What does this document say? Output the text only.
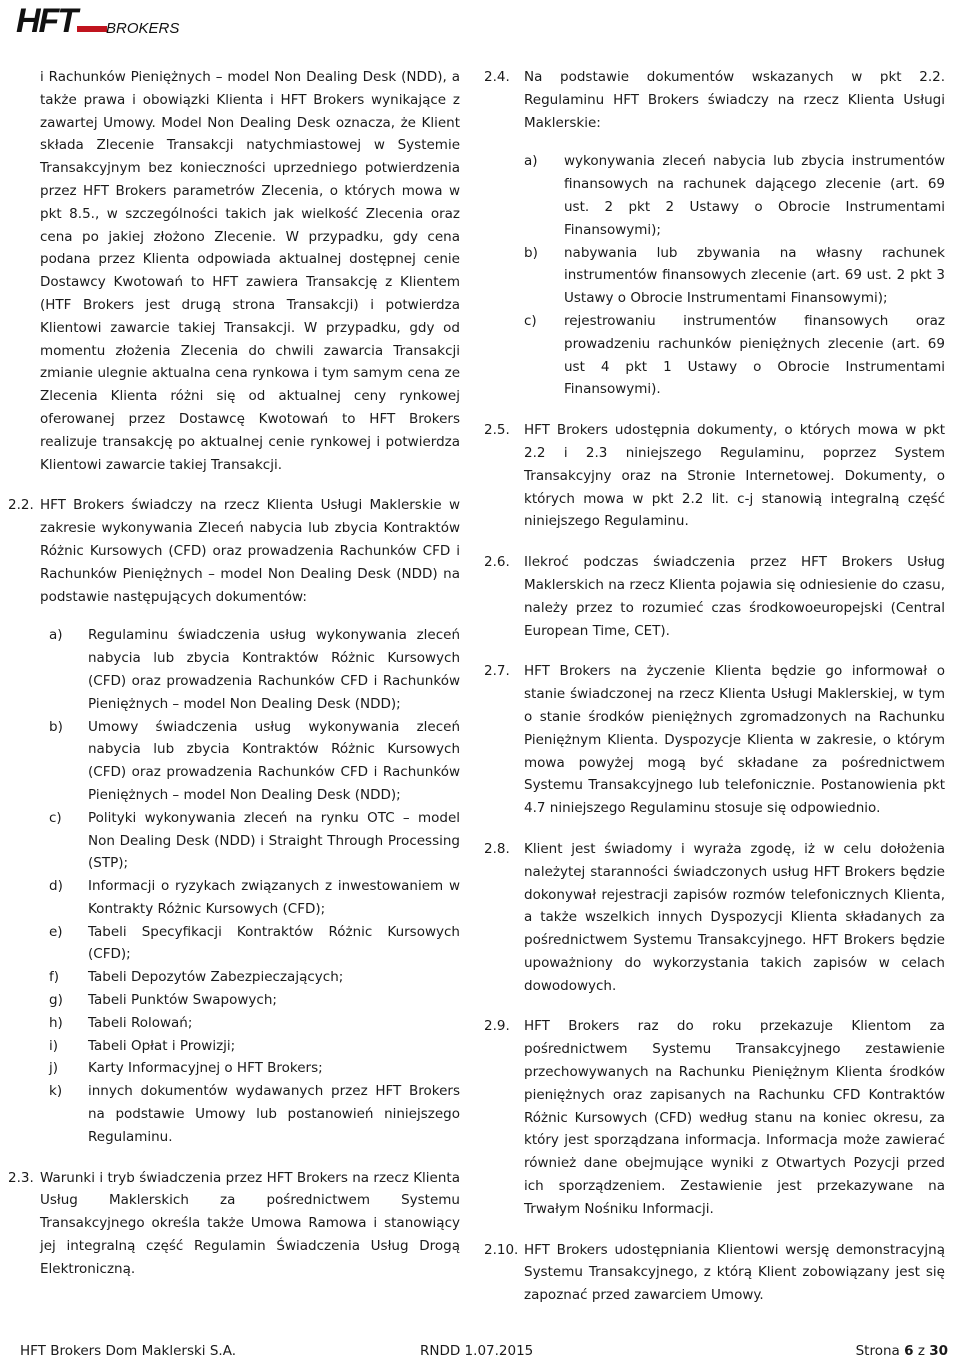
HFT	BROKERS
i Rachunków Pieniężnych – model Non Dealing Desk (NDD), a także prawa i obowiązki Klienta i HFT Brokers wynikające z zawartej Umowy. Model Non Dealing Desk oznacza, że Klient składa Zlecenie Transakcji natychmiastowej w Systemie Transakcyjnym bez konieczności uprzedniego potwierdzenia przez HFT Brokers parametrów Zlecenia, o których mowa w pkt 8.5., w szczególności takich jak wielkość Zlecenia oraz cena po jakiej złożono Zlecenie. W przypadku, gdy cena podana przez Klienta odpowiada aktualnej dostępnej cenie Dostawcy Kwotowań to HFT zawiera Transakcję z Klientem (HTF Brokers jest drugą strona Transakcji) i potwierdza Klientowi zawarcie takiej Transakcji. W przypadku, gdy od momentu złożenia Zlecenia do chwili zawarcia Transakcji zmianie ulegnie aktualna cena rynkowa i tym samym cena ze Zlecenia Klienta różni się od aktualnej ceny rynkowej oferowanej przez Dostawcę Kwotowań to HFT Brokers realizuje transakcję po aktualnej cenie rynkowej i potwierdza Klientowi zawarcie takiej Transakcji.
2.2. HFT Brokers świadczy na rzecz Klienta Usługi Maklerskie w zakresie wykonywania Zleceń nabycia lub zbycia Kontraktów Różnic Kursowych (CFD) oraz prowadzenia Rachunków CFD i Rachunków Pieniężnych – model Non Dealing Desk (NDD) na podstawie następujących dokumentów:
a)	Regulaminu świadczenia usług wykonywania zleceń nabycia lub zbycia Kontraktów Różnic Kursowych (CFD) oraz prowadzenia Rachunków CFD i Rachunków Pieniężnych – model Non Dealing Desk (NDD);
b)	Umowy świadczenia usług wykonywania zleceń nabycia lub zbycia Kontraktów Różnic Kursowych (CFD) oraz prowadzenia Rachunków CFD i Rachunków Pieniężnych – model Non Dealing Desk (NDD);
c)	Polityki wykonywania zleceń na rynku OTC – model Non Dealing Desk (NDD) i Straight Through Processing (STP);
d)	Informacji o ryzykach związanych z inwestowaniem w Kontrakty Różnic Kursowych (CFD);
e)	Tabeli Specyfikacji Kontraktów Różnic Kursowych (CFD);
f)	Tabeli Depozytów Zabezpieczających;
g)	Tabeli Punktów Swapowych;
h)	Tabeli Rolowań;
i)	Tabeli Opłat i Prowizji;
j)	Karty Informacyjnej o HFT Brokers;
k)	innych dokumentów wydawanych przez HFT Brokers na podstawie Umowy lub postanowień niniejszego Regulaminu.
2.3. Warunki i tryb świadczenia przez HFT Brokers na rzecz Klienta Usług Maklerskich za pośrednictwem Systemu Transakcyjnego określa także Umowa Ramowa i stanowiący jej integralną część Regulamin Świadczenia Usług Drogą Elektroniczną.
2.4.	Na podstawie dokumentów wskazanych w pkt 2.2. Regulaminu HFT Brokers świadczy na rzecz Klienta Usługi Maklerskie:
a)	wykonywania zleceń nabycia lub zbycia instrumentów finansowych na rachunek dającego zlecenie (art. 69 ust. 2 pkt 2 Ustawy o Obrocie Instrumentami Finansowymi);
b)	nabywania lub zbywania na własny rachunek instrumentów finansowych zlecenie (art. 69 ust. 2 pkt 3 Ustawy o Obrocie Instrumentami Finansowymi);
c)	rejestrowaniu instrumentów finansowych oraz prowadzeniu rachunków pieniężnych zlecenie (art. 69 ust 4 pkt 1 Ustawy o Obrocie Instrumentami Finansowymi).
2.5.	HFT Brokers udostępnia dokumenty, o których mowa w pkt 2.2 i 2.3 niniejszego Regulaminu, poprzez System Transakcyjny oraz na Stronie Internetowej. Dokumenty, o których mowa w pkt 2.2 lit. c-j stanowią integralną część niniejszego Regulaminu.
2.6.	Ilekroć podczas świadczenia przez HFT Brokers Usług Maklerskich na rzecz Klienta pojawia się odniesienie do czasu, należy przez to rozumieć czas środkowoeuropejski (Central European Time, CET).
2.7.	HFT Brokers na życzenie Klienta będzie go informował o stanie świadczonej na rzecz Klienta Usługi Maklerskiej, w tym o stanie środków pieniężnych zgromadzonych na Rachunku Pieniężnym Klienta. Dyspozycje Klienta w zakresie, o którym mowa powyżej mogą być składane za pośrednictwem Systemu Transakcyjnego lub telefonicznie. Postanowienia pkt 4.7 niniejszego Regulaminu stosuje się odpowiednio.
2.8.	Klient jest świadomy i wyraża zgodę, iż w celu dołożenia należytej staranności świadczonych usług HFT Brokers będzie dokonywał rejestracji zapisów rozmów telefonicznych Klienta, a także wszelkich innych Dyspozycji Klienta składanych za pośrednictwem Systemu Transakcyjnego. HFT Brokers będzie upoważniony do wykorzystania takich zapisów w celach dowodowych.
2.9.	HFT Brokers raz do roku przekazuje Klientom za pośrednictwem Systemu Transakcyjnego zestawienie przechowywanych na Rachunku Pieniężnym Klienta środków pieniężnych oraz zapisanych na Rachunku CFD Kontraktów Różnic Kursowych (CFD) według stanu na koniec okresu, za który jest sporządzana informacja. Informacja może zawierać również dane obejmujące wyniki z Otwartych Pozycji przed ich sporządzeniem. Zestawienie jest przekazywane na Trwałym Nośniku Informacji.
2.10. HFT Brokers udostępniania Klientowi wersję demonstracyjną Systemu Transakcyjnego, z którą Klient zobowiązany jest się zapoznać przed zawarciem Umowy.
HFT Brokers Dom Maklerski S.A.	RNDD 1.07.2015	Strona 6 z 30
